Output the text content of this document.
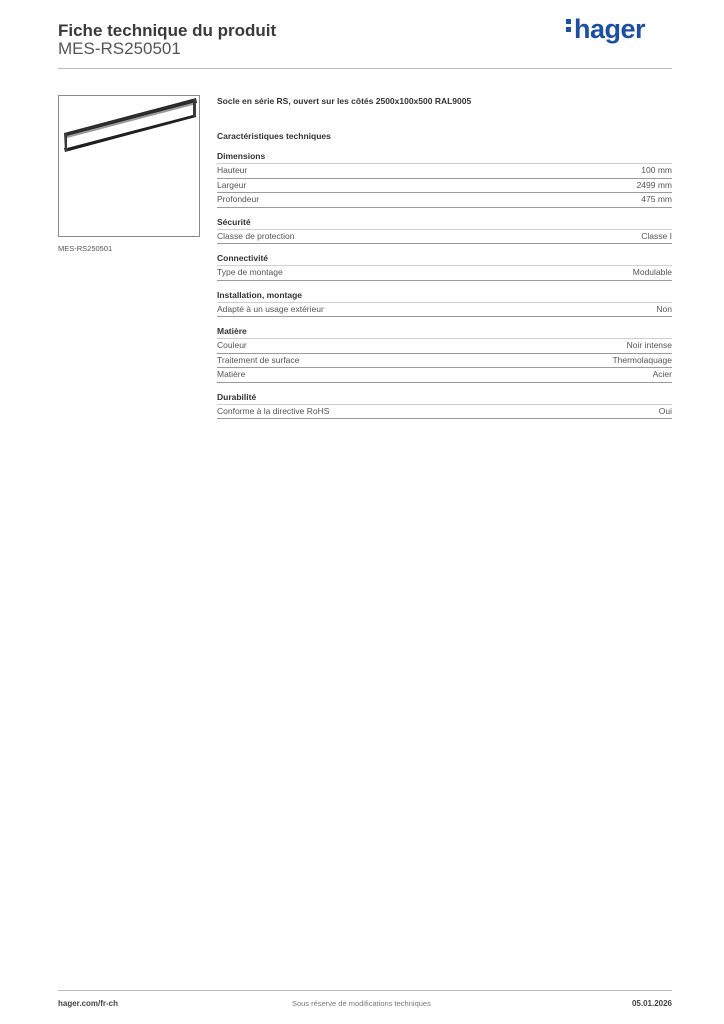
Fiche technique du produit
MES-RS250501
hager
MES-RS250501
Socle en série RS, ouvert sur les côtés 2500x100x500 RAL9005
Caractéristiques techniques
Dimensions
Hauteur	100 mm
Largeur	2499 mm
Profondeur	475 mm
Sécurité
Classe de protection	Classe I
Connectivité
Type de montage	Modulable
Installation, montage
Adapté à un usage extérieur	Non
Matière
Couleur	Noir intense
Traitement de surface	Thermolaquage
Matière	Acier
Durabilité
Conforme à la directive RoHS	Oui
hager.com/fr-ch	Sous réserve de modifications techniques	05.01.2026
